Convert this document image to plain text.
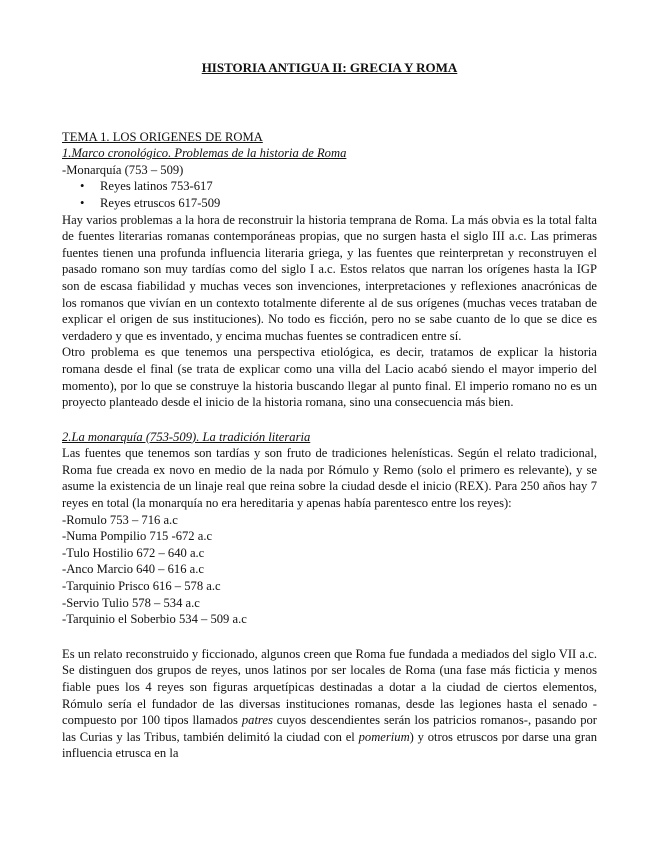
HISTORIA ANTIGUA II: GRECIA Y ROMA

TEMA 1. LOS ORIGENES DE ROMA

1.Marco cronológico. Problemas de la historia de Roma

-Monarquía (753 – 509)

• Reyes latinos 753-617
• Reyes etruscos 617-509

Hay varios problemas a la hora de reconstruir la historia temprana de Roma. La más obvia es la total falta de fuentes literarias romanas contemporáneas propias, que no surgen hasta el siglo III a.c. Las primeras fuentes tienen una profunda influencia literaria griega, y las fuentes que reinterpretan y reconstruyen el pasado romano son muy tardías como del siglo I a.c. Estos relatos que narran los orígenes hasta la IGP son de escasa fiabilidad y muchas veces son invenciones, interpretaciones y reflexiones anacrónicas de los romanos que vivían en un contexto totalmente diferente al de sus orígenes (muchas veces trataban de explicar el origen de sus instituciones). No todo es ficción, pero no se sabe cuanto de lo que se dice es verdadero y que es inventado, y encima muchas fuentes se contradicen entre sí.

Otro problema es que tenemos una perspectiva etiológica, es decir, tratamos de explicar la historia romana desde el final (se trata de explicar como una villa del Lacio acabó siendo el mayor imperio del momento), por lo que se construye la historia buscando llegar al punto final. El imperio romano no es un proyecto planteado desde el inicio de la historia romana, sino una consecuencia más bien.

2.La monarquía (753-509). La tradición literaria

Las fuentes que tenemos son tardías y son fruto de tradiciones helenísticas. Según el relato tradicional, Roma fue creada ex novo en medio de la nada por Rómulo y Remo (solo el primero es relevante), y se asume la existencia de un linaje real que reina sobre la ciudad desde el inicio (REX). Para 250 años hay 7 reyes en total (la monarquía no era hereditaria y apenas había parentesco entre los reyes):

-Romulo 753 – 716 a.c

-Numa Pompilio 715 -672 a.c

-Tulo Hostilio 672 – 640 a.c

-Anco Marcio 640 – 616 a.c

-Tarquinio Prisco 616 – 578 a.c

-Servio Tulio 578 – 534 a.c

-Tarquinio el Soberbio 534 – 509 a.c

Es un relato reconstruido y ficcionado, algunos creen que Roma fue fundada a mediados del siglo VII a.c. Se distinguen dos grupos de reyes, unos latinos por ser locales de Roma (una fase más ficticia y menos fiable pues los 4 reyes son figuras arquetípicas destinadas a dotar a la ciudad de ciertos elementos, Rómulo sería el fundador de las diversas instituciones romanas, desde las legiones hasta el senado -compuesto por 100 tipos llamados patres cuyos descendientes serán los patricios romanos-, pasando por las Curias y las Tribus, también delimitó la ciudad con el pomerium) y otros etruscos por darse una gran influencia etrusca en la
